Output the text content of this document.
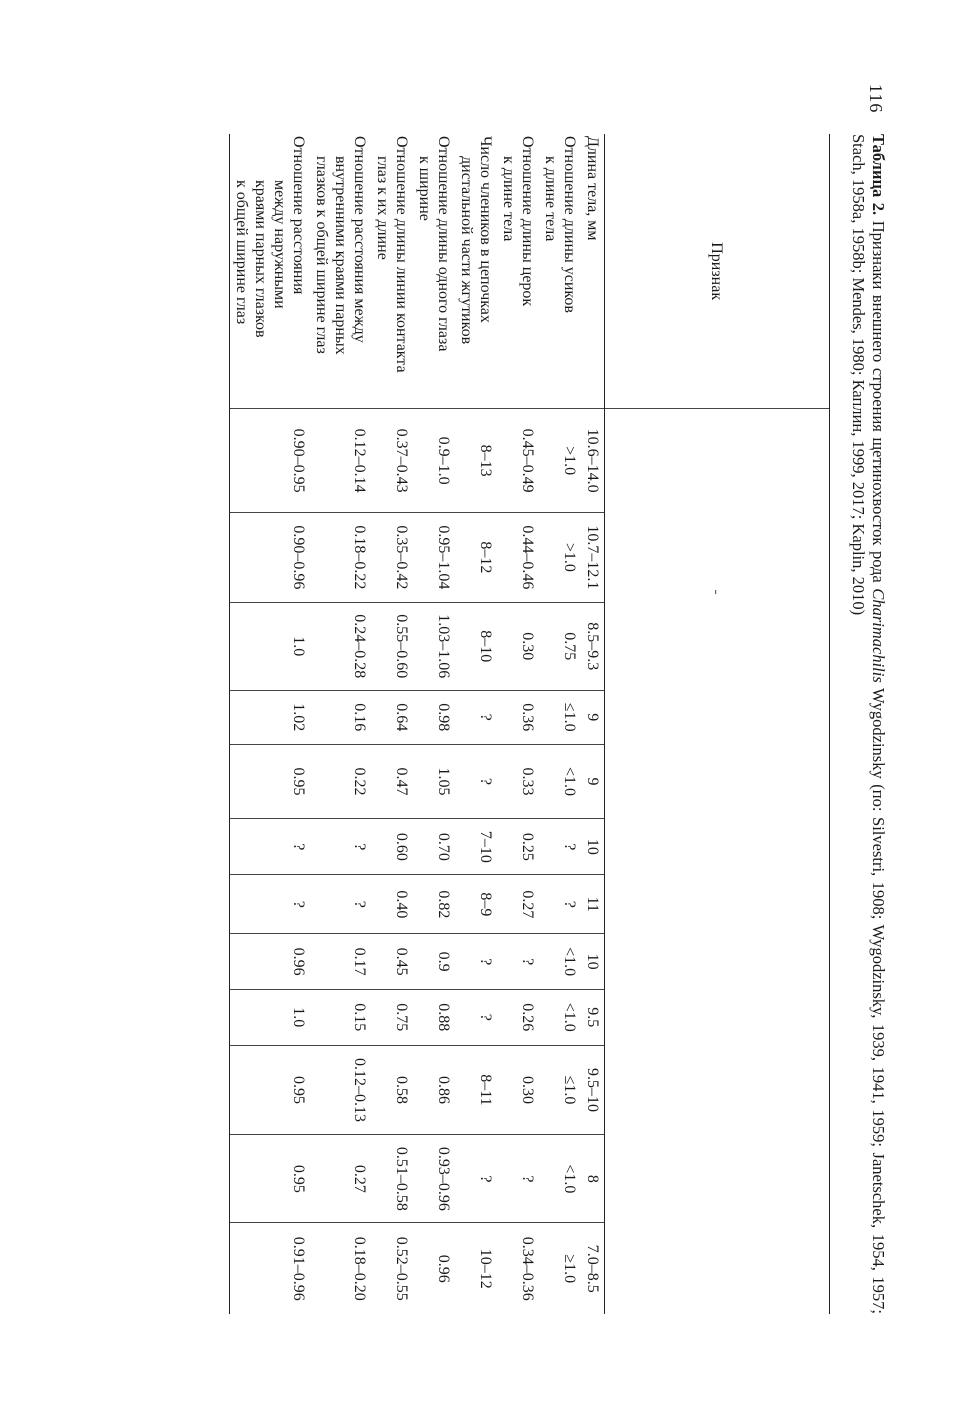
116
Таблица 2. Признаки внешнего строения щетинохвосток рода Charimachilis Wygodzinsky (по: Silvestri, 1908; Wygodzinsky, 1939, 1941, 1959; Janetschek, 1954, 1957; Stach, 1958a, 1958b; Mendes, 1980; Каплин, 1999, 2017; Kaplin, 2010)
Признак	-											

Длина тела, мм	10.6–14.0	10.7–12.1	8.5–9.3	9	9	10	11	10	9.5	9.5–10	8	7.0–8.5

Отношение длины усиков
к длине тела	>1.0	>1.0	0.75	≤1.0	<1.0	?	?	<1.0	<1.0	≤1.0	<1.0	≥1.0

Отношение длины церок
к длине тела	0.45–0.49	0.44–0.46	0.30	0.36	0.33	0.25	0.27	?	0.26	0.30	?	0.34–0.36

Число члеников в цепочках
дистальной части жгутиков	8–13	8–12	8–10	?	?	7–10	8–9	?	?	8–11	?	10–12

Отношение длины одного глаза
к ширине	0.9–1.0	0.95–1.04	1.03–1.06	0.98	1.05	0.70	0.82	0.9	0.88	0.86	0.93–0.96	0.96

Отношение длины линии контакта
глаз к их длине	0.37–0.43	0.35–0.42	0.55–0.60	0.64	0.47	0.60	0.40	0.45	0.75	0.58	0.51–0.58	0.52–0.55

Отношение расстояния между
внутренними краями парных
глазков к общей ширине глаз	0.12–0.14	0.18–0.22	0.24–0.28	0.16	0.22	?	?	0.17	0.15	0.12–0.13	0.27	0.18–0.20

Отношение расстояния
между наружными
краями парных глазков
к общей ширине глаз	0.90–0.95	0.90–0.96	1.0	1.02	0.95	?	?	0.96	1.0	0.95	0.95	0.91–0.96
